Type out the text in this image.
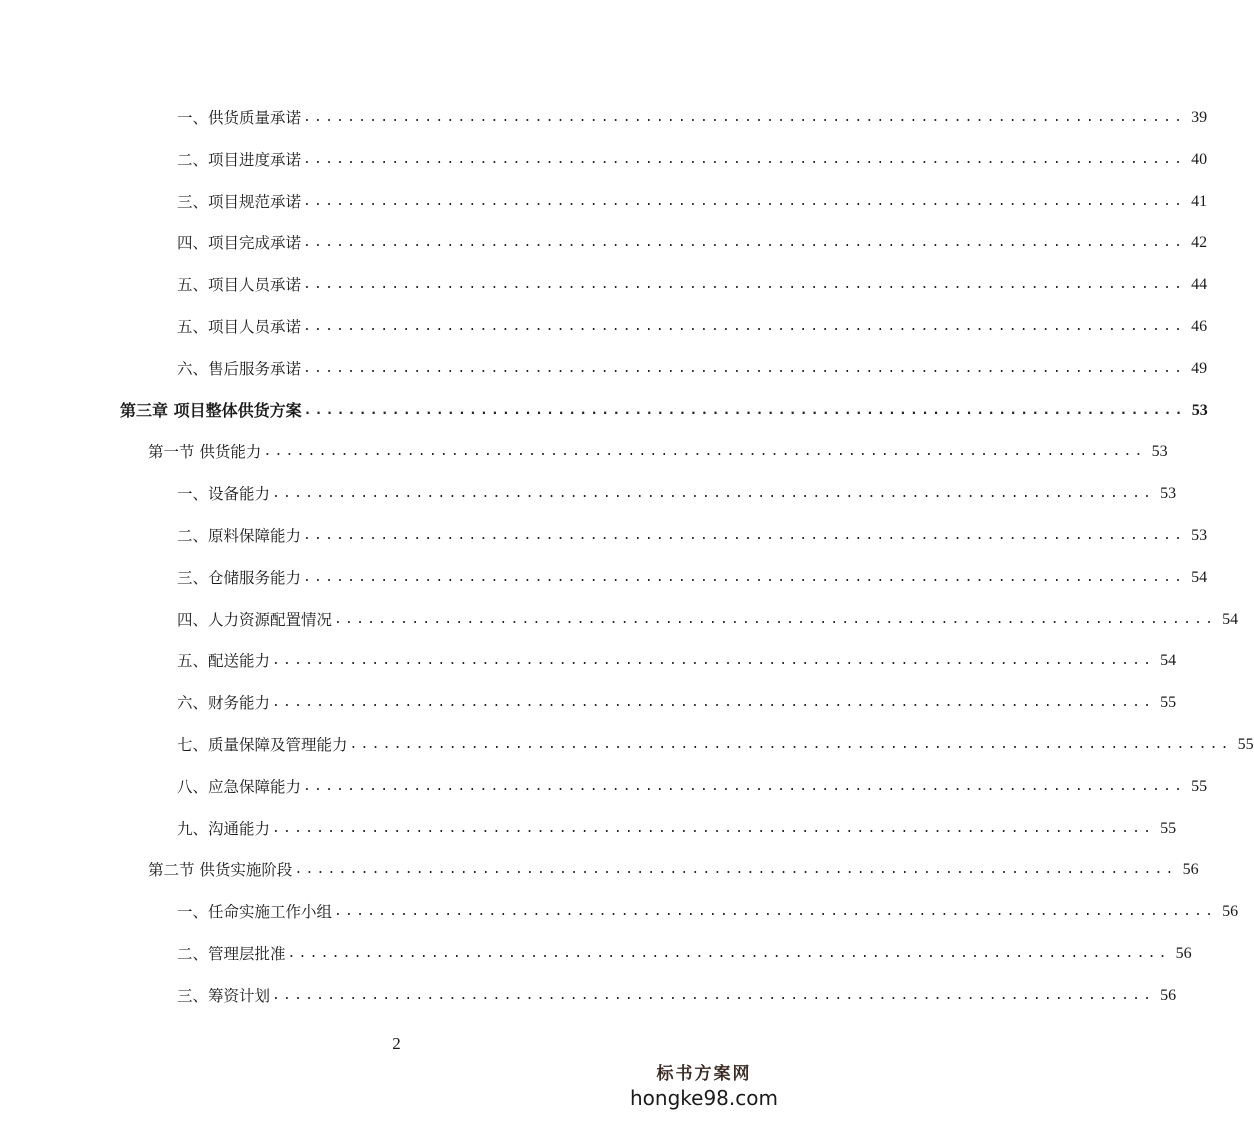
一、供货质量承诺 ................................................................................ 39
二、项目进度承诺 ................................................................................ 40
三、项目规范承诺 ................................................................................ 41
四、项目完成承诺 ................................................................................ 42
五、项目人员承诺 ................................................................................ 44
五、项目人员承诺 ................................................................................ 46
六、售后服务承诺 ................................................................................ 49
第三章 项目整体供货方案 ................................................................................ 53
第一节 供货能力 ................................................................................ 53
一、设备能力 ................................................................................ 53
二、原料保障能力 ................................................................................ 53
三、仓储服务能力 ................................................................................ 54
四、人力资源配置情况 ................................................................................ 54
五、配送能力 ................................................................................ 54
六、财务能力 ................................................................................ 55
七、质量保障及管理能力 ................................................................................ 55
八、应急保障能力 ................................................................................ 55
九、沟通能力 ................................................................................ 55
第二节 供货实施阶段 ................................................................................ 56
一、任命实施工作小组 ................................................................................ 56
二、管理层批准 ................................................................................ 56
三、筹资计划 ................................................................................ 56
2
标书方案网
hongke98.com
